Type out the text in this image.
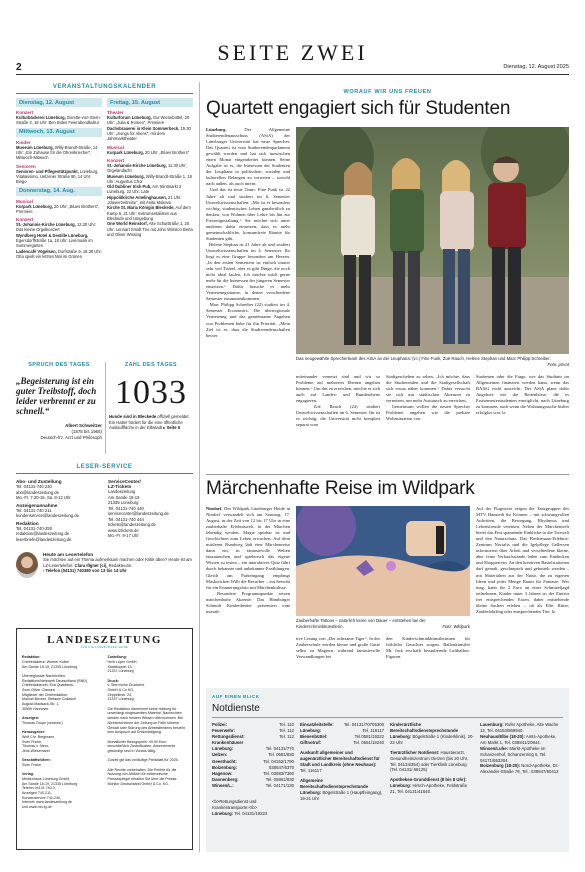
SEITE ZWEI
2	Dienstag, 12. August 2025
VERANSTALTUNGSKALENDER
Dienstag, 12. August
Konzert
Kulturbäckerei Lüneburg, Dorette-von-Stern-Straße 3, 18 Uhr: Ben Boles Feierabendkultur
Mittwoch, 13. August
Kinder
Museum Lüneburg, Willy-Brandt-Straße, 14 Uhr: „Ein Zuhause für die Ohrenkriecher“, Mittwoch-Mitwoch
Senioren
Senioren- und Pflegestützpunkt, Lüneburg, Vitaliassimo, Uelzener Straße 90, 14 Uhr: Bingo
Donnerstag, 14. Aug.
Musical
Kurpark Lüneburg, 20 Uhr: „Blues Brothers“, Premiere
Konzert
St.-Johannis-Kirche Lüneburg, 12.30 Uhr: Das kleine Orgelkonzert
Wyndberg Hotel & Destille Lüneburg, Egersdorffstraße 1a, 18 Uhr: Livemusik im Sommergarten
Ladencafé Vögelsen, Dorfstraße 9, 18.30 Uhr: Oha spielt ein letztes Mal im Grünen
Freitag, 15. August
Theater
Kulturforum Lüneburg, Gut Wienebüttel, 20 Uhr: „Julia & Romeo“, Premiere
Dachsbrauerei in Klein Sommerbeck, 19.30 Uhr: „Songs for Aliens“, mit dem Jahrmarktheater
Musical
Kurpark Lüneburg, 20 Uhr: „Blues Brothers“
Konzert
St.-Johannis-Kirche Lüneburg, 11.30 Uhr: Orgelandacht
Museum Lüneburg, Willy-Brandt-Straße 1, 18 Uhr: Augustus Chor
Old Dubliner Irish Pub, Am Stintmarkt 2 Lüneburg, 22 Uhr: Late
Hippolitkirche Amelinghausen, 21 Uhr: „Klavierzeitreise“, mit Anita Mokeva
Kirche St. Maria Königin Bleckede, Auf dem Kamp 5, 21 Uhr: Instrumentalisten aus Bleckede und Umgebung
One World Reinstorf, Alte Schulstraße 1, 20 Uhr: Lennart Smidt Trio mit John Winston Berta und Oliver Wissing
SPRUCH DES TAGES
„Begeisterung ist ein guter Treibstoff, doch leider verbrennt er zu schnell.“
Albert Schweitzer
(1875 bis 1965)
Deutsch-frz. Arzt und Philosoph
ZAHL DES TAGES
1033
Hunde sind in Bleckede offiziell gemeldet. Ein Halter fordert für die eine öffentliche Auslaufﬂäche in der Elbstadt ▸ Seite 6
LESER-SERVICE
Abo- und Zustellung
Tel. 04131-740 240
abo@landeszeitung.de
Mo.-Fr. 7.30-15, Sa. 8-12 Uhr
Anzeigenannahme
Tel. 04131-740 211
kundenservice@landeszeitung.de
Redaktion
Tel. 04131-740-250
redaktion@landeszeitung.de
leserbriefe@landeszeitung.de
ServiceCenter/
LZ-Tickets
Landeszeitung
Am Sande 18-19
21335 Lüneburg
Tel. 04131-740 440
servicecenter@landeszeitung.de
Tel. 04131-740 444
tickets@landeszeitung.de
www.lztickets.de
Mo.-Fr. 9-17 Uhr
Heute am Lesertelefon
Sie möchten auf ein Thema aufmerksam machen oder Kritik üben? Heute ist am LZ-Lesertelefon: Clara Illgner (ci), Redakteurin.
› Telefon (04131) 740380 von 13 bis 14 Uhr
LANDESZEITUNG
FÜR DIE LÜNEBURGER HEIDE
Redaktion:
Chefredakteur: Werner Kolbe
Am Sande 18-19, 21335 Lüneburg

Überregionale Nachrichten:
RedaktionsNetzwerk Deutschland (RND)
Chefredakteurin: Eva Quadbeck,
Sven Oliver Clausen
Mitglieder der Chefredaktion:
Manuel Becker, Stefanie Gollasch
August-Madsack-Str. 1,
30559 Hannover

Anzeigen:
Thomas Grupe (verantw.)

Herausgeber:
Wolf Chr. Bergmann,
Sven Fricke,
Thomas v. Stern,
Jens Wiesemann

Geschäftsführer:
Sven Fricke

Verlag:
Medienhaus Lüneburg GmbH,
Am Sande 18-19, 21335 Lüneburg
Telefon 04131 740-0,
Anzeigen 740-211,
Kundenservice 740-240,
Internet: www.landeszeitung.de
und www.mh-lg.de
Zustellung:
Heid Lüper GmbH,
Stadtkoppel 13,
21337 Lüneburg

Druck:
v. Stern'sche Druckerei
GmbH & Co KG,
Zeppelinstr. 24,
21337 Lüneburg

Die Redaktion übernimmt keine Haftung für unverlangt eingesandten Material. Nachrichten werden nach bestem Wissen übernommen. Bei Nichterscheinen der Zeitung im Falle höherer Gewalt oder Störung des Arbeitsfriedens besteht kein Anspruch auf Entschädigung.

Monatlicher Bezugspreis: 49,90 Euro einschließlich Zustellkosten. Abonnements gekündigt sind in Voraus fällig.

Zurzeit gilt das vorläufige Preisblatt für 2025.

Alle Rechte vorbehalten. Die Rechte für die Nutzung von Artikeln für elektronische Pressespiegel erhalten Sie über die Presse-Monitor Deutschland GmbH & Co. KG.
WORAUF WIR UNS FREUEN
Quartett engagiert sich für Studenten
Lüneburg.	Der Allgemeine Studierendenausschuss (AStA) der Lüneburger Universität hat neue Sprecher. Das Quartett ist vom Studierendenparlament gewählt worden und hat sich inzwischen einen Monat eingearbeitet können. Seine Aufgabe ist es, die Interessen der Studenten der Leuphana in politischen, sozialen und kulturellen Belangen zu vertreten – sowohl nach außen, als auch intern.
Und das ist neue Team: Fine Funk ist 22 Jahre alt und studiert im 6. Semester Umweltwissenschaften. „Mir ist es besonders wichtig, studentisches Leben ganzheitlich zu denken, von Wohnen über Lehre bis hin zur Freizeitgestaltung.“ Sie möchte sich unter anderem dafür einsetzen, dass es mehr gemeinschaftliche, konsumfreie Räume für Studenten gibt.
Helene Stephan ist 21 Jahre alt und studiert Umweltwissenschaften im 4. Semester. Ihr liegt es eine Gruppe besonders am Herzen: „In den ersten Semestern ist einfach immer sehr viel Trubel, aber es gibt Dinge, die noch nicht ideal laufen. Ich möchte mich gerne mehr für die Interessen der jüngeren Semester einsetzen.“ Dafür brauche es mehr Vernetzungsräume, in denen verschiedene Semester zusammenkommen.
Marc Philipp Schreiber (22) studiert im 4. Semester Economics. Die überregionale Vernetzung und das gemeinsame Angehen von Problemen habe für ihn Priorität. „Mein Ziel ist es, dass die Studierendenschaften besser
Das neugewählte Sprecherteam des AStA an der Leuphana: (v.l.) Fine Funk, Zoë Rauch, Helene Stephan und Marc Philipp Schreiber.
Foto: privat
miteinander vernetzt sind und wir so Probleme auf mehreren Ebenen angehen können.“ Um das zu erreichen, möchte er sich auch auf Landes- und Bundesebene engagieren.
Zoë Rauch (24) studiert Umweltwissenschaften im 6. Semester. Ihr ist es wichtig, die Universität nicht komplett separat vom
Stadtgeschehen zu sehen. „Ich möchte, dass die Studierenden und die Stadtgesellschaft sich etwas näher kommen.“ Daher versucht sie sich mit städtischen Akteuren zu vernetzen, um mehr Austausch zu erreichen.
Gemeinsam wollen die neuen Sprecher Probleme angehen wie die prekäre Wohnsituation von
Studenten oder die Frage, wie das Studium im Allgemeinen finanziert werden kann, wenn das BAföG nicht ausreicht. Der AStA plane dafür Angebote wie die Bettenbörse, die es Erstsemesterstudenten ermöglicht, nach Lüneburg zu kommen, auch wenn die Wohnungssuche bisher erfolglos war. lz
Märchenhafte Reise im Wildpark
Nindorf. Der Wildpark Lüneburger Heide in Nindorf verwandelt sich am Sonntag, 17. August, in der Zeit von 12 bis 17 Uhr in eine zauberhafte Erlebniswelt, in der Märchen lebendig werden. Magie spürbar ist und Geschichten zum Leben erwachen. Auf dem mittleren Rundweg lädt eine Märchenreise dann ein, in fantasievolle Welten einzutauchen und spielerisch das eigene Wissen zu testen – ein interaktives Quiz führt durch bekannte und unbekannte Erzählungen. Gleich am Parkeingang empfängt Maskottchen Willi die Besucher – ein Seerobi für ein Erinnerungsfoto mit Märchenkulisse.
Besondere Programmpunkte setzen märchenhafte Akzente: Das Hamburger Schmidt Kindertheater präsentiert eine interak-
Zauberhafte Tattoos – natürlich keine von Dauer – entstehen bei der Kinderschminkkünstlerin.	Foto: Wildpark
tive Lesung von „Der achtsame Tiger“. In der Zauberschule werden kleine und große Gäste selbst zu Magiern, während fantasievolle Verwandlungen bei
den Kinderschminkkünstlerinnen für fröhliche Gesichter sorgen. Ballonkünstler Mr. Jack erschafft bezaubernde Luftballon-Figuren.
Auf der Flugwiese zeigen die Tanzgruppen des MTV Hanstedt ihr Können – mit schwungvollen Auftritten, die Bewegung, Rhythmus und Lebensfreude vereinen. Neben der Märchenwelt bietet das Fest spannende Einblicke in die Tierwelt und den Naturschutz: Das Fledermaus-Erlebnis-Zentrum Noctalis und die Igelpflege Gellersen informieren über Arbeit und verschiedene kleine, aber feine Verkaufsstände laden zum Entdecken und Shoppen ein. An den kreativen Bastelstationen darf gemalt, geschnipselt und gebastelt werden – mit Materialien aus der Natur, die zu eigenen Ideen und jeder Menge Raum für Fantasie. Wer mag, kann für 2 Euro an einer Schnitzeljagd teilnehmen. Kinder unter 3 Jahren ist der Eintritt frei entsprechendes Essen, dabei entstehende kleine Sachen erleben – ob als Elfe, Ritter, Zauberlehrling oder entsprechendes Tier. lz
AUF EINEN BLICK
Notdienste
Polizei:	Tel. 110
Feuerwehr:	Tel. 112
Rettungsdienst:	Tel. 112
Krankenhäuser
Lüneburg:	Tel. 04131/770
Uelzen:	Tel. 0581/830
Geesthacht:	Tel. 04152/1790
Boizenburg:	038847/6370
Hagenow:	Tel. 03883/7360
Dannenberg:	Tel. 05861/830
Winsen/L.:	Tel. 04171/130
<b>Rettungsdienst und Krankentransporte:</b>
Lüneburg: Tel. 04131/19222
Einsatzleitstelle: Tel. 04131/70705300
Lüneburg:	Tel. 116117
Bienenbüttel:	Tel.0581/19222
Giftnotruf:	Tel. 0551/19240
Auskunft allgemeiner und augenärztlicher Bereitschaftsdienst für Stadt und Landkreis (ohne Neuhaus): Tel. 116117
Allgemeine Bereitschaftsdienstsprechstunde Lüneburg: Bögelstraße 1 (Hauptfeingang), 19-21 Uhr
Kinderärztliche Bereitschaftsdienstsprechstunde Lüneburg: Bögelstraße 1 (Kinderklinik), 20-22 Uhr
Tierärztlicher Notdienst: Haustierarzt, Gesundheitszentrum Oerzen (bis 20 Uhr, Tel. 04134/354) oder Tierklinik Lüneburg (Tel. 04131/ 55125)
Apotheken-Grunddienst (8 bis 8 Uhr):
Lüneburg: Hirsch-Apotheke, Feldstraße 21, Tel. 04131/41640.
Lauenburg: Rufer Apotheke, Alte Wache 12, Tel. 04153/869940.
Neuhaus/Elbe (18-20): Amts-Apotheke, Am Markt 1, Tel. 038841/20844.
Winsen/Luhe: Markt-Apotheke im Schanzenhof, Schanzenring 6, Tel. 04171/653304.
Boizenburg (18-20): Nord-Apotheke, Dr.-Alexander-Straße 78, Tel.: 038847/50412
